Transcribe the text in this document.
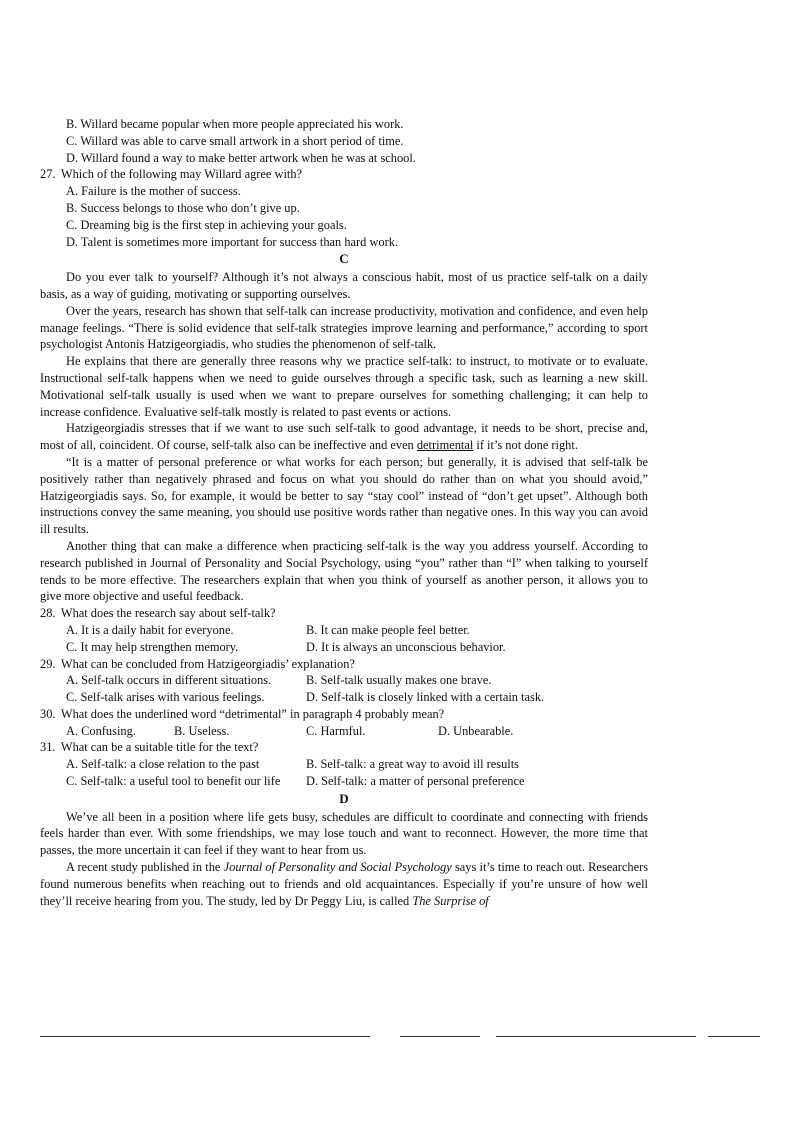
B. Willard became popular when more people appreciated his work.
C. Willard was able to carve small artwork in a short period of time.
D. Willard found a way to make better artwork when he was at school.
27. Which of the following may Willard agree with?
A. Failure is the mother of success.
B. Success belongs to those who don’t give up.
C. Dreaming big is the first step in achieving your goals.
D. Talent is sometimes more important for success than hard work.
C

Do you ever talk to yourself? Although it’s not always a conscious habit, most of us practice self-talk on a daily basis, as a way of guiding, motivating or supporting ourselves.

Over the years, research has shown that self-talk can increase productivity, motivation and confidence, and even help manage feelings. “There is solid evidence that self-talk strategies improve learning and performance,” according to sport psychologist Antonis Hatzigeorgiadis, who studies the phenomenon of self-talk.

He explains that there are generally three reasons why we practice self-talk: to instruct, to motivate or to evaluate. Instructional self-talk happens when we need to guide ourselves through a specific task, such as learning a new skill. Motivational self-talk usually is used when we want to prepare ourselves for something challenging; it can help to increase confidence. Evaluative self-talk mostly is related to past events or actions.

Hatzigeorgiadis stresses that if we want to use such self-talk to good advantage, it needs to be short, precise and, most of all, coincident. Of course, self-talk also can be ineffective and even detrimental if it’s not done right.

“It is a matter of personal preference or what works for each person; but generally, it is advised that self-talk be positively rather than negatively phrased and focus on what you should do rather than on what you should avoid,” Hatzigeorgiadis says. So, for example, it would be better to say “stay cool” instead of “don’t get upset”. Although both instructions convey the same meaning, you should use positive words rather than negative ones. In this way you can avoid ill results.

Another thing that can make a difference when practicing self-talk is the way you address yourself. According to research published in Journal of Personality and Social Psychology, using “you” rather than “I” when talking to yourself tends to be more effective. The researchers explain that when you think of yourself as another person, it allows you to give more objective and useful feedback.

28. What does the research say about self-talk?
A. It is a daily habit for everyone.	B. It can make people feel better.
C. It may help strengthen memory.	D. It is always an unconscious behavior.
29. What can be concluded from Hatzigeorgiadis’ explanation?
A. Self-talk occurs in different situations.	B. Self-talk usually makes one brave.
C. Self-talk arises with various feelings.	D. Self-talk is closely linked with a certain task.
30. What does the underlined word “detrimental” in paragraph 4 probably mean?
A. Confusing.	B. Useless.	C. Harmful.	D. Unbearable.
31. What can be a suitable title for the text?
A. Self-talk: a close relation to the past	B. Self-talk: a great way to avoid ill results
C. Self-talk: a useful tool to benefit our life	D. Self-talk: a matter of personal preference
D

We’ve all been in a position where life gets busy, schedules are difficult to coordinate and connecting with friends feels harder than ever. With some friendships, we may lose touch and want to reconnect. However, the more time that passes, the more uncertain it can feel if they want to hear from us.

A recent study published in the Journal of Personality and Social Psychology says it’s time to reach out. Researchers found numerous benefits when reaching out to friends and old acquaintances. Especially if you’re unsure of how well they’ll receive hearing from you. The study, led by Dr Peggy Liu, is called The Surprise of
